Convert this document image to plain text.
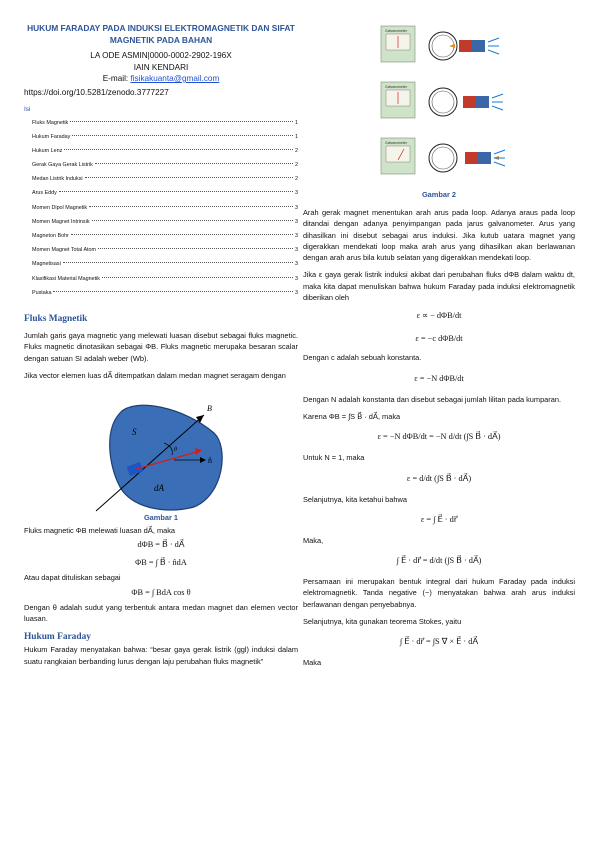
HUKUM FARADAY PADA INDUKSI ELEKTROMAGNETIK DAN SIFAT MAGNETIK PADA BAHAN
LA ODE ASMIN|0000-0002-2902-196X
IAIN KENDARI
E-mail: fisikakuanta@gmail.com
https://doi.org/10.5281/zenodo.3777227
Isi
Fluks Magnetik	1
Hukum Faraday	1
Hukum Lenz	2
Gerak Gaya Gerak Listrik	2
Medan Listrik Induksi	2
Arus Eddy	3
Momen Dipol Magnetik	3
Momen Magnet Intrinsik	3
Magneton Bohr	3
Momen Magnet Total Atom	3
Magnetisasi	3
Klasifikasi Material Magnetik	3
Pustaka	3
Fluks Magnetik

Jumlah garis gaya magnetic yang melewati luasan disebut sebagai fluks magnetic. Fluks magnetic dinotasikan sebagai ΦB. Fluks magnetic merupaka besaran scalar dengan satuan SI adalah weber (Wb).

Jika vector elemen luas dA⃗ ditempatkan dalam medan magnet seragam dengan

S
B⃗
n̂
θ
dA⃗
Gambar 1

Fluks magnetic ΦB melewati luasan dA⃗, maka

dΦB = B⃗ · dA⃗
ΦB = ∫ B⃗ · n̂dA

Atau dapat dituliskan sebagai

ΦB = ∫ BdA cos θ

Dengan θ adalah sudut yang terbentuk antara medan magnet dan elemen vector luasan.

Hukum Faraday

Hukum Faraday menyatakan bahwa: “besar gaya gerak listrik (ggl) induksi dalam suatu rangkaian berbanding lurus dengan laju perubahan fluks magnetik”

Galvanometer
Galvanometer
Galvanometer
Gambar 2

Arah gerak magnet menentukan arah arus pada loop. Adanya araus pada loop ditandai dengan adanya penyimpangan pada jarus galvanometer. Arus yang dihasilkan ini disebut sebagai arus induksi. Jika kutub uatara magnet yang digerakkan mendekati loop maka arah arus yang dihasilkan akan berlawanan dengan arah arus bila kutub selatan yang digerakkan mendekati loop.

Jika ε gaya gerak listrik induksi akibat dari perubahan fluks dΦB dalam waktu dt, maka kita dapat menuliskan bahwa hukum Faraday pada induksi elektromagnetik diberikan oleh

ε ∝ − dΦB/dt
ε = −c dΦB/dt

Dengan c adalah sebuah konstanta.

ε = −N dΦB/dt

Dengan N adalah konstanta dan disebut sebagai jumlah lilitan pada kumparan.

Karena ΦB = ∫S B⃗ · dA⃗, maka

ε = −N dΦB/dt = −N d/dt (∫S B⃗ · dA⃗)

Untuk N = 1, maka

ε = d/dt (∫S B⃗ · dA⃗)

Selanjutnya, kita ketahui bahwa

ε = ∫ E⃗ · dr⃗

Maka,

∫ E⃗ · dr⃗ = d/dt (∫S B⃗ · dA⃗)

Persamaan ini merupakan bentuk integral dari hukum Faraday pada induksi elektromagnetik. Tanda negative (−) menyatakan bahwa arah arus induksi berlawanan dengan penyebabnya.

Selanjutnya, kita gunakan teorema Stokes, yaitu

∫ E⃗ · dr⃗ = ∫S ∇ × E⃗ · dA⃗

Maka
